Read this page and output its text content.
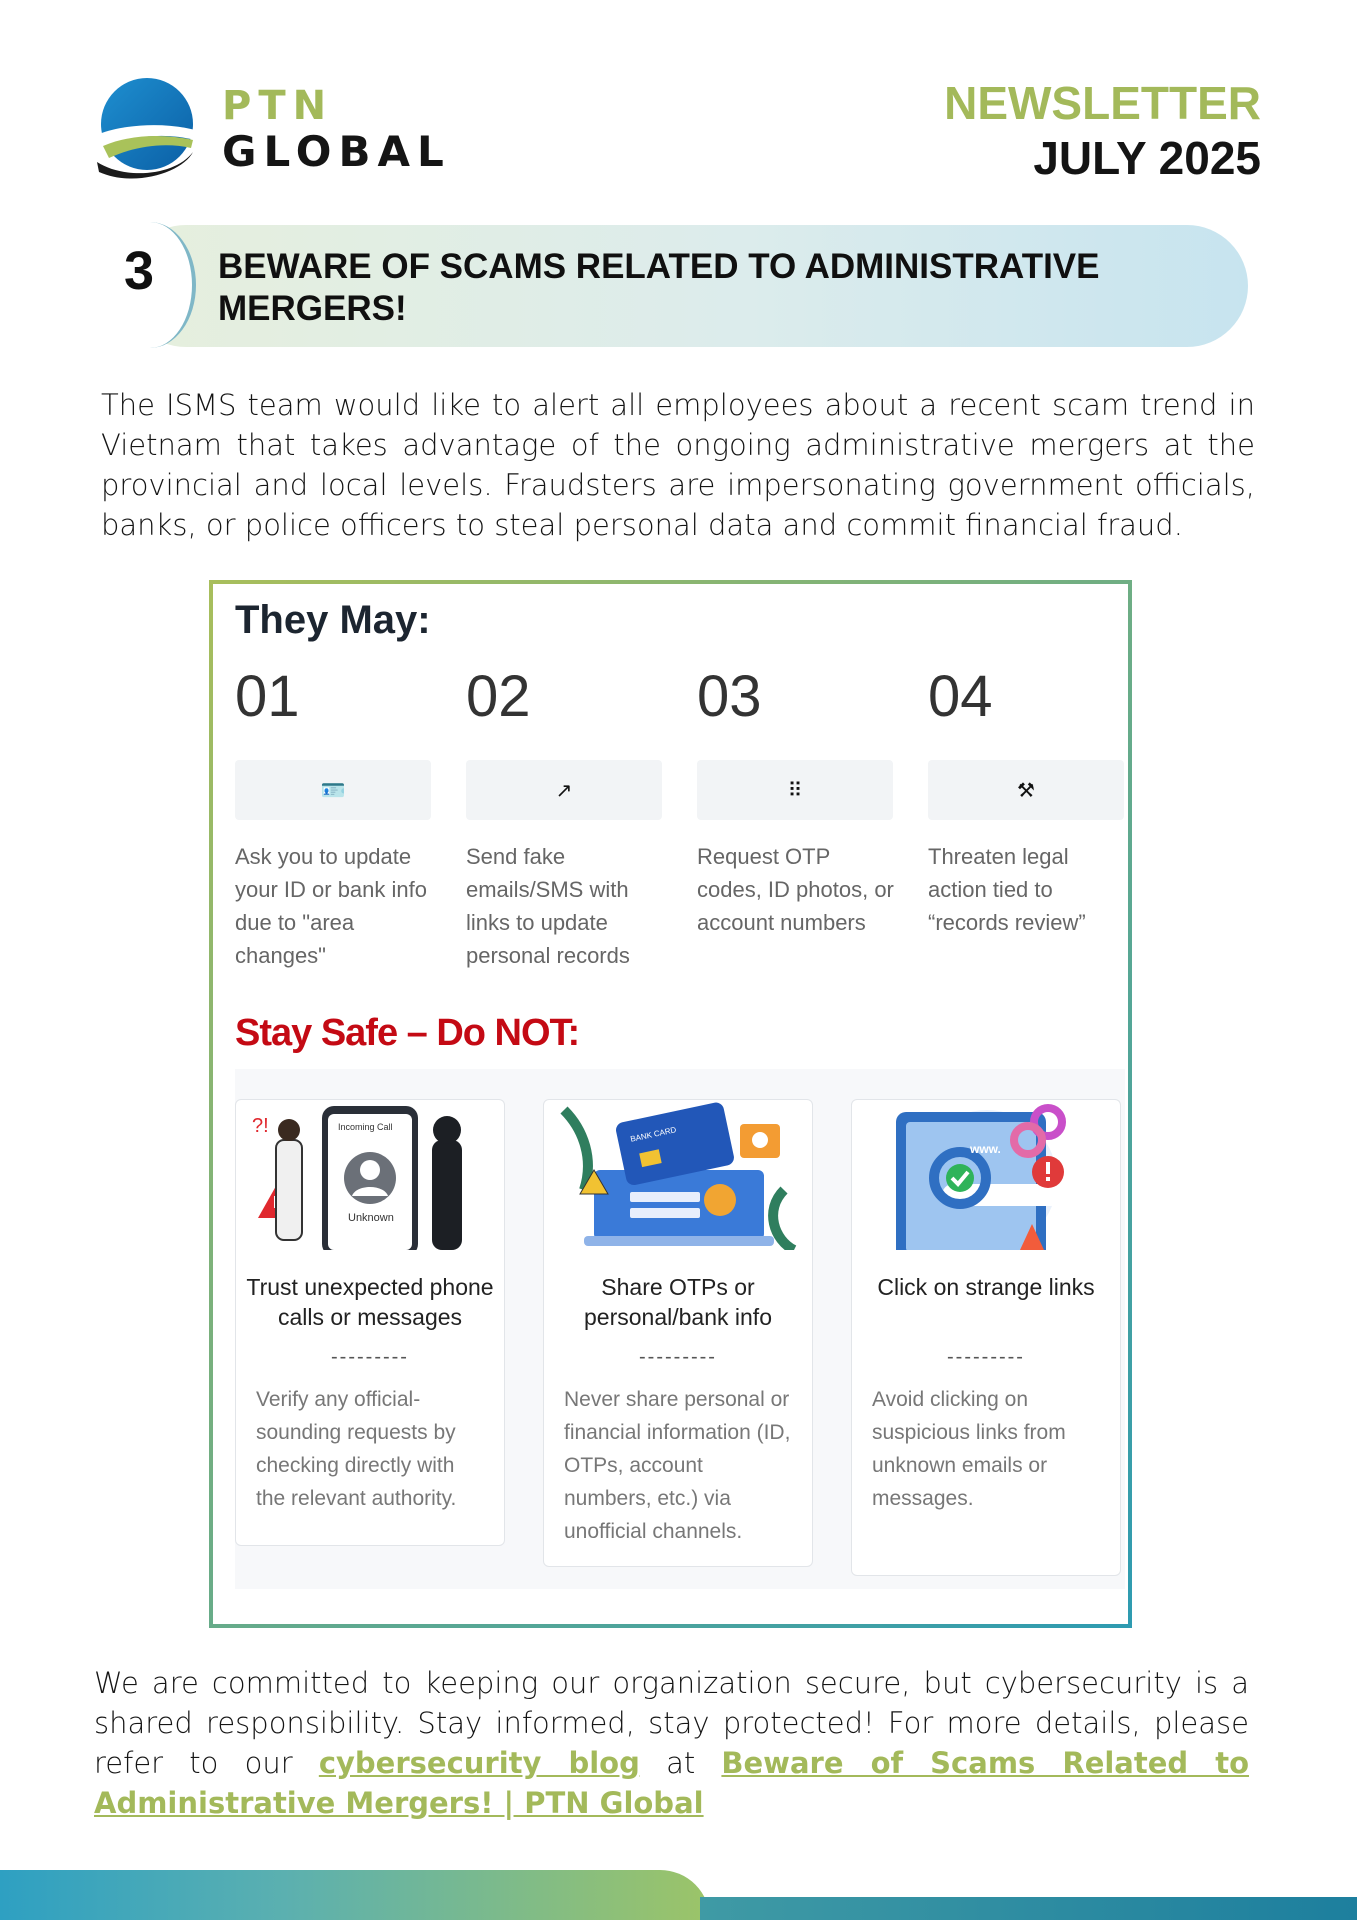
PTN
GLOBAL
NEWSLETTER
JULY 2025
3 BEWARE OF SCAMS RELATED TO ADMINISTRATIVE MERGERS!

The ISMS team would like to alert all employees about a recent scam trend in Vietnam that takes advantage of the ongoing administrative mergers at the provincial and local levels. Fraudsters are impersonating government officials, banks, or police officers to steal personal data and commit financial fraud.

They May:
01
🪪
Ask you to update your ID or bank info due to "area changes"
02
↗
Send fake emails/SMS with links to update personal records
03
⠿
Request OTP codes, ID photos, or account numbers
04
⚒
Threaten legal action tied to “records review”
Stay Safe – Do NOT:
?!	Incoming Call
Unknown
Trust unexpected phone calls or messages
---------
Verify any official-sounding requests by checking directly with the relevant authority.
BANK CARD
Share OTPs or personal/bank info
---------
Never share personal or financial information (ID, OTPs, account numbers, etc.) via unofficial channels.
www.
Click on strange links
---------
Avoid clicking on suspicious links from unknown emails or messages.

We are committed to keeping our organization secure, but cybersecurity is a shared responsibility. Stay informed, stay protected! For more details, please refer to our cybersecurity blog at Beware of Scams Related to Administrative Mergers! | PTN Global
